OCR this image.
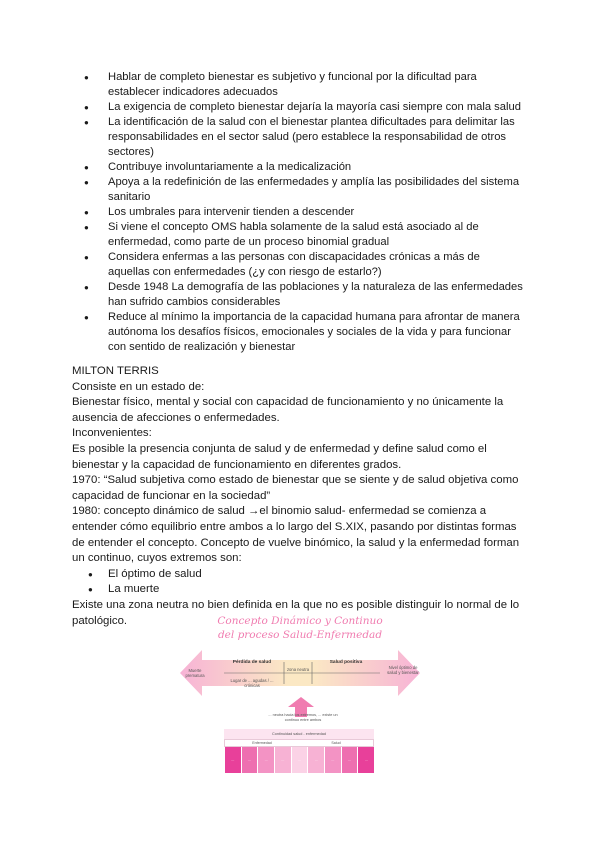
● Hablar de completo bienestar es subjetivo y funcional por la dificultad para establecer indicadores adecuados
● La exigencia de completo bienestar dejaría la mayoría casi siempre con mala salud
● La identificación de la salud con el bienestar plantea dificultades para delimitar las responsabilidades en el sector salud (pero establece la responsabilidad de otros sectores)
● Contribuye involuntariamente a la medicalización
● Apoya a la redefinición de las enfermedades y amplía las posibilidades del sistema sanitario
● Los umbrales para intervenir tienden a descender
● Si viene el concepto OMS habla solamente de la salud está asociado al de enfermedad, como parte de un proceso binomial gradual
● Considera enfermas a las personas con discapacidades crónicas a más de aquellas con enfermedades (¿y con riesgo de estarlo?)
● Desde 1948 La demografía de las poblaciones y la naturaleza de las enfermedades han sufrido cambios considerables
● Reduce al mínimo la importancia de la capacidad humana para afrontar de manera autónoma los desafíos físicos, emocionales y sociales de la vida y para funcionar con sentido de realización y bienestar

MILTON TERRIS

Consiste en un estado de:

Bienestar físico, mental y social con capacidad de funcionamiento y no únicamente la ausencia de afecciones o enfermedades.

Inconvenientes:

Es posible la presencia conjunta de salud y de enfermedad y define salud como el bienestar y la capacidad de funcionamiento en diferentes grados.

1970: “Salud subjetiva como estado de bienestar que se siente y de salud objetiva como capacidad de funcionar en la sociedad”

1980: concepto dinámico de salud →el binomio salud- enfermedad se comienza a entender cómo equilibrio entre ambos a lo largo del S.XIX, pasando por distintas formas de entender el concepto. Concepto de vuelve binómico, la salud y la enfermedad forman un continuo, cuyos extremos son:

● El óptimo de salud
● La muerte

Existe una zona neutra no bien definida en la que no es posible distinguir lo normal de lo patológico.	Concepto Dinámico y Continuo
del proceso Salud-Enfermedad
Muerte prematura
Pérdida de salud
Lugar de ... agudas / ... crónicas
zona neutra
Salud positiva
Nivel óptimo de salud y bienestar
... neutra hacia los extremos, ... existe un continuo entre ambos
Continuidad salud - enfermedad
Enfermedad	Salud
...	...	...	...	...	...	...	...	...
